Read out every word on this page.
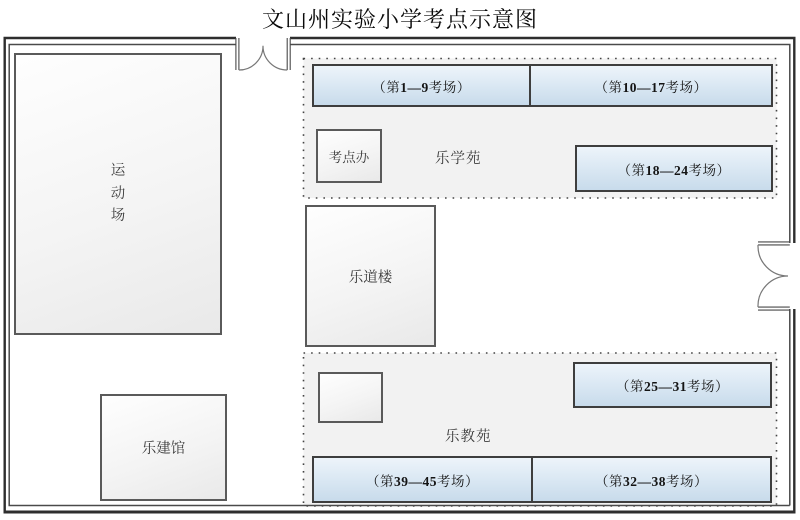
文山州实验小学考点示意图
运动场
乐道楼
乐建馆
考点办	乐学苑
乐教苑
（第1—9考场）	（第10—17考场）
（第18—24考场）
（第25—31考场）
（第39—45考场）	（第32—38考场）
